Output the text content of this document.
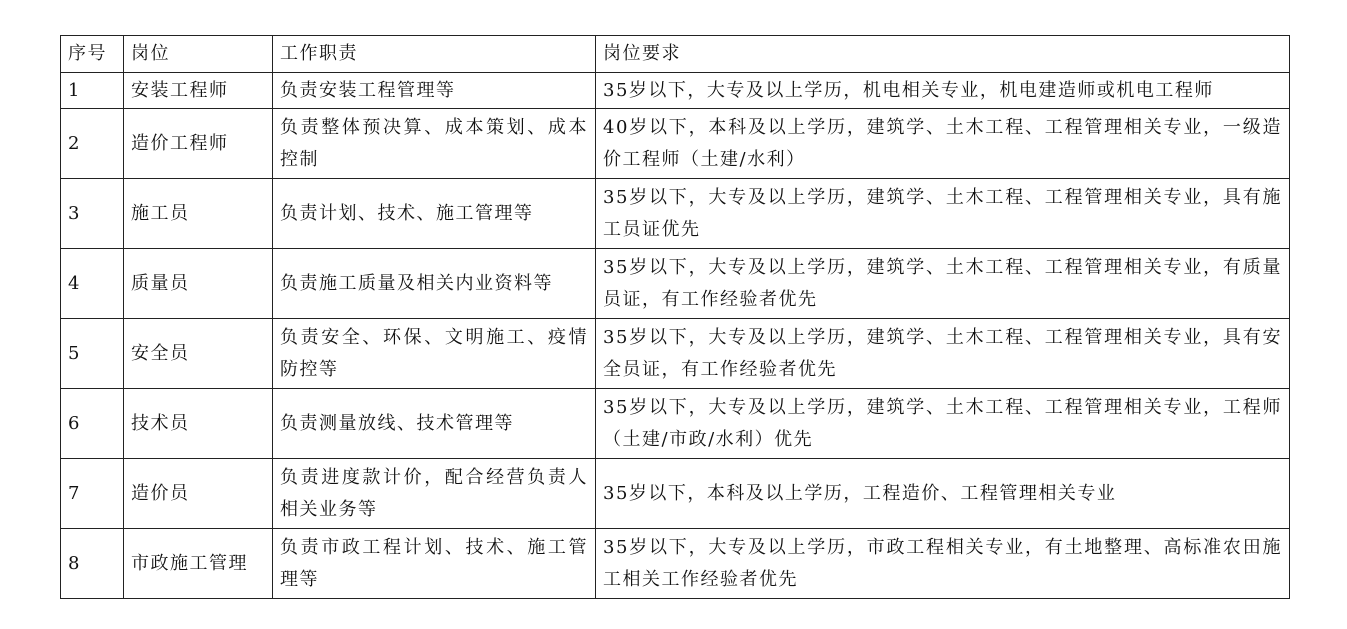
序号	岗位	工作职责	岗位要求
1	安装工程师	负责安装工程管理等	35岁以下，大专及以上学历，机电相关专业，机电建造师或机电工程师
2	造价工程师	负责整体预决算、成本策划、成本控制	40岁以下，本科及以上学历，建筑学、土木工程、工程管理相关专业，一级造价工程师（土建/水利）
3	施工员	负责计划、技术、施工管理等	35岁以下，大专及以上学历，建筑学、土木工程、工程管理相关专业，具有施工员证优先
4	质量员	负责施工质量及相关内业资料等	35岁以下，大专及以上学历，建筑学、土木工程、工程管理相关专业，有质量员证，有工作经验者优先
5	安全员	负责安全、环保、文明施工、疫情防控等	35岁以下，大专及以上学历，建筑学、土木工程、工程管理相关专业，具有安全员证，有工作经验者优先
6	技术员	负责测量放线、技术管理等	35岁以下，大专及以上学历，建筑学、土木工程、工程管理相关专业，工程师（土建/市政/水利）优先
7	造价员	负责进度款计价，配合经营负责人相关业务等	35岁以下，本科及以上学历，工程造价、工程管理相关专业
8	市政施工管理	负责市政工程计划、技术、施工管理等	35岁以下，大专及以上学历，市政工程相关专业，有土地整理、高标准农田施工相关工作经验者优先
